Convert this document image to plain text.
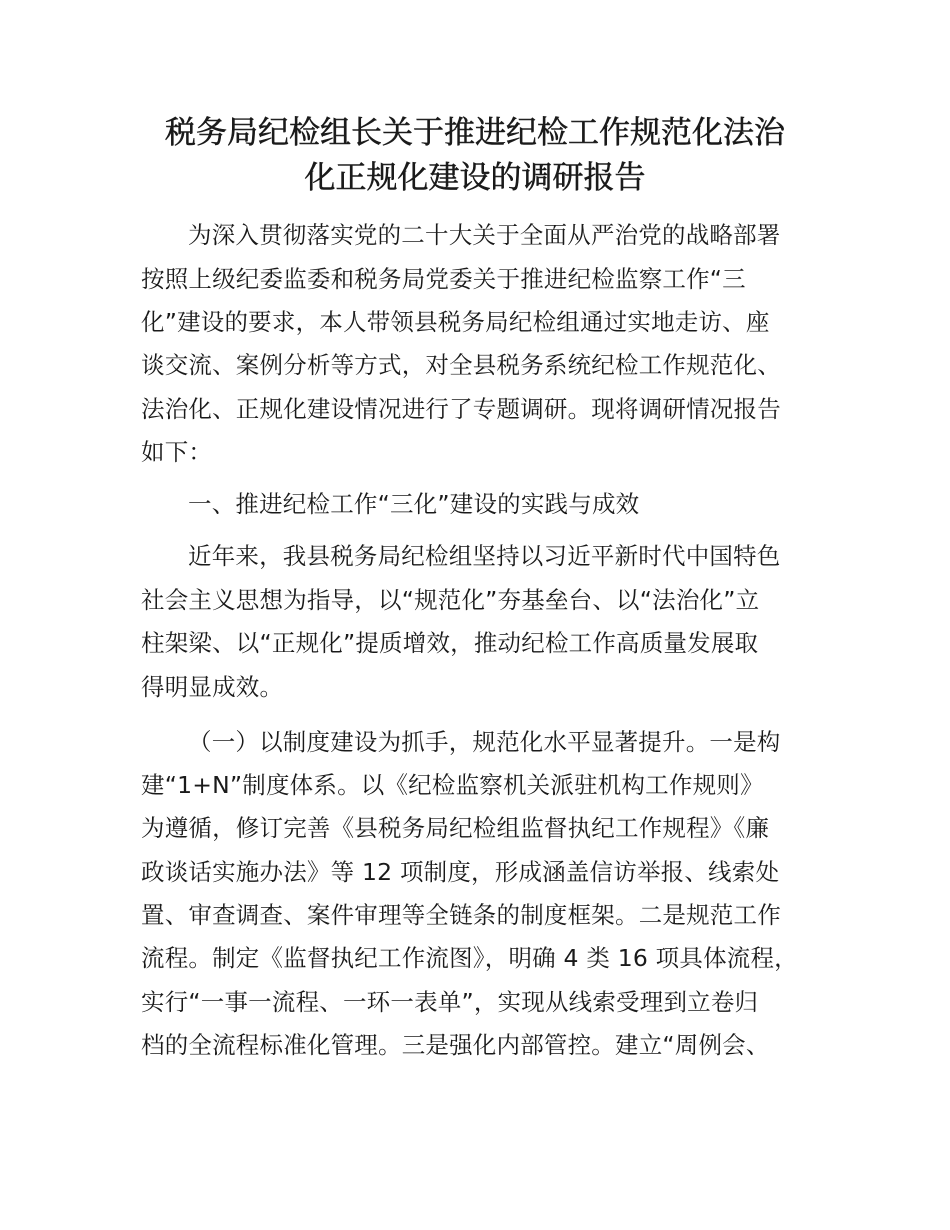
税务局纪检组长关于推进纪检工作规范化法治
化正规化建设的调研报告

为深入贯彻落实党的二十大关于全面从严治党的战略部署

按照上级纪委监委和税务局党委关于推进纪检监察工作“三

化”建设的要求，本人带领县税务局纪检组通过实地走访、座

谈交流、案例分析等方式，对全县税务系统纪检工作规范化、

法治化、正规化建设情况进行了专题调研。现将调研情况报告

如下：

一、推进纪检工作“三化”建设的实践与成效

近年来，我县税务局纪检组坚持以习近平新时代中国特色

社会主义思想为指导，以“规范化”夯基垒台、以“法治化”立

柱架梁、以“正规化”提质增效，推动纪检工作高质量发展取

得明显成效。

（一）以制度建设为抓手，规范化水平显著提升。一是构

建“1+N”制度体系。以《纪检监察机关派驻机构工作规则》

为遵循，修订完善《县税务局纪检组监督执纪工作规程》《廉

政谈话实施办法》等 12 项制度，形成涵盖信访举报、线索处

置、审查调查、案件审理等全链条的制度框架。二是规范工作

流程。制定《监督执纪工作流图》，明确 4 类 16 项具体流程，

实行“一事一流程、一环一表单”，实现从线索受理到立卷归

档的全流程标准化管理。三是强化内部管控。建立“周例会、
